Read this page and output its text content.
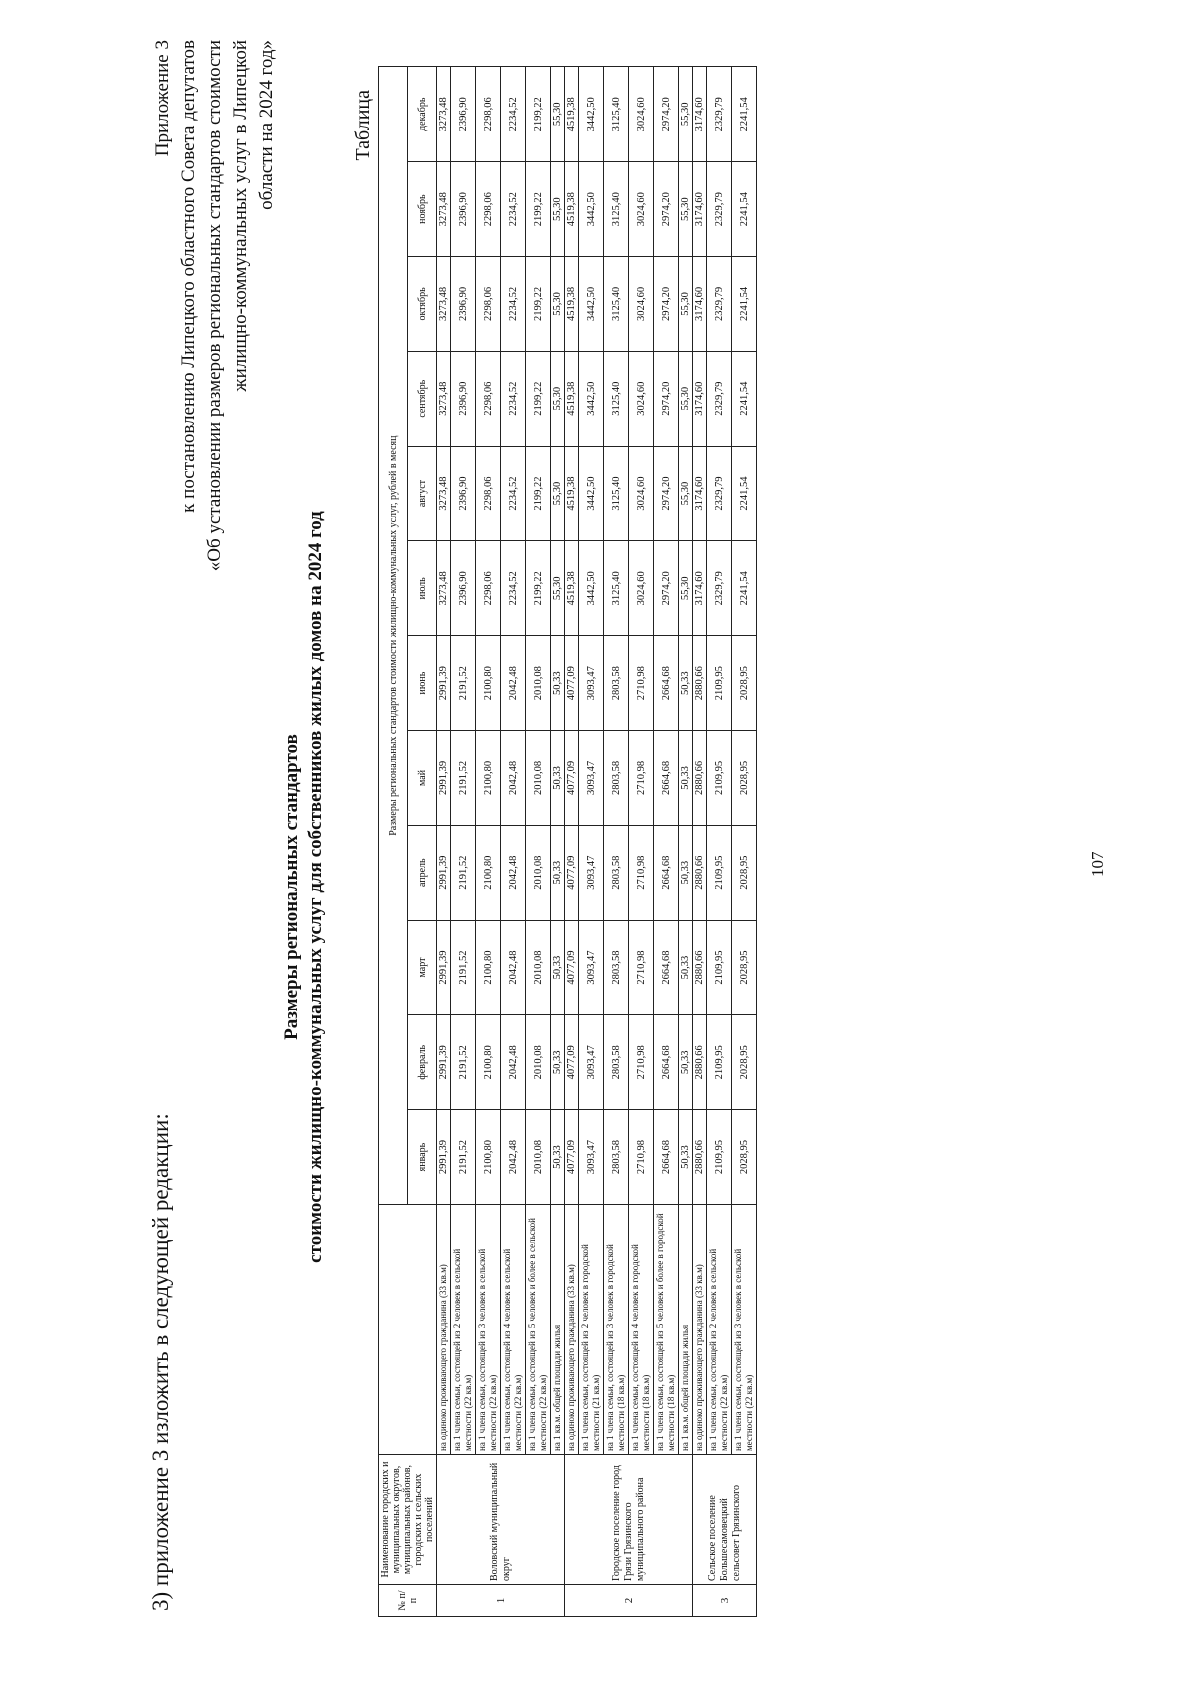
3) приложение 3 изложить в следующей редакции:
Приложение 3 к постановлению Липецкого областного Совета депутатов «Об установлении размеров региональных стандартов стоимости жилищно-коммунальных услуг в Липецкой области на 2024 год»
Размеры региональных стандартов стоимости жилищно-коммунальных услуг для собственников жилых домов на 2024 год
Таблица
№ п/п	Наименование городских и муниципальных округов, муниципальных районов, городских и сельских поселений		Размеры региональных стандартов стоимости жилищно-коммунальных услуг, рублей в месяц											
			январь	февраль	март	апрель	май	июнь	июль	август	сентябрь	октябрь	ноябрь	декабрь
1	Воловский муниципальный округ	на одиноко проживающего гражданина (33 кв.м)	2991,39	2991,39	2991,39	2991,39	2991,39	2991,39	3273,48	3273,48	3273,48	3273,48	3273,48	3273,48
		на 1 члена семьи, состоящей из 2 человек в сельской местности (22 кв.м)	2191,52	2191,52	2191,52	2191,52	2191,52	2191,52	2396,90	2396,90	2396,90	2396,90	2396,90	2396,90
		на 1 члена семьи, состоящей из 3 человек в сельской местности (22 кв.м)	2100,80	2100,80	2100,80	2100,80	2100,80	2100,80	2298,06	2298,06	2298,06	2298,06	2298,06	2298,06
		на 1 члена семьи, состоящей из 4 человек в сельской местности (22 кв.м)	2042,48	2042,48	2042,48	2042,48	2042,48	2042,48	2234,52	2234,52	2234,52	2234,52	2234,52	2234,52
		на 1 члена семьи, состоящей из 5 человек и более в сельской местности (22 кв.м)	2010,08	2010,08	2010,08	2010,08	2010,08	2010,08	2199,22	2199,22	2199,22	2199,22	2199,22	2199,22
		на 1 кв.м. общей площади жилья	50,33	50,33	50,33	50,33	50,33	50,33	55,30	55,30	55,30	55,30	55,30	55,30
2	Городское поселение город Грязи Грязинского муниципального района	на одиноко проживающего гражданина (33 кв.м)	4077,09	4077,09	4077,09	4077,09	4077,09	4077,09	4519,38	4519,38	4519,38	4519,38	4519,38	4519,38
		на 1 члена семьи, состоящей из 2 человек в городской местности (21 кв.м)	3093,47	3093,47	3093,47	3093,47	3093,47	3093,47	3442,50	3442,50	3442,50	3442,50	3442,50	3442,50
		на 1 члена семьи, состоящей из 3 человек в городской местности (18 кв.м)	2803,58	2803,58	2803,58	2803,58	2803,58	2803,58	3125,40	3125,40	3125,40	3125,40	3125,40	3125,40
		на 1 члена семьи, состоящей из 4 человек в городской местности (18 кв.м)	2710,98	2710,98	2710,98	2710,98	2710,98	2710,98	3024,60	3024,60	3024,60	3024,60	3024,60	3024,60
		на 1 члена семьи, состоящей из 5 человек и более в городской местности (18 кв.м)	2664,68	2664,68	2664,68	2664,68	2664,68	2664,68	2974,20	2974,20	2974,20	2974,20	2974,20	2974,20
		на 1 кв.м. общей площади жилья	50,33	50,33	50,33	50,33	50,33	50,33	55,30	55,30	55,30	55,30	55,30	55,30
3	Сельское поселение Большесамовецкий сельсовет Грязинского	на одиноко проживающего гражданина (33 кв.м)	2880,66	2880,66	2880,66	2880,66	2880,66	2880,66	3174,60	3174,60	3174,60	3174,60	3174,60	3174,60
		на 1 члена семьи, состоящей из 2 человек в сельской местности (22 кв.м)	2109,95	2109,95	2109,95	2109,95	2109,95	2109,95	2329,79	2329,79	2329,79	2329,79	2329,79	2329,79
		на 1 члена семьи, состоящей из 3 человек в сельской местности (22 кв.м)	2028,95	2028,95	2028,95	2028,95	2028,95	2028,95	2241,54	2241,54	2241,54	2241,54	2241,54	2241,54
107
